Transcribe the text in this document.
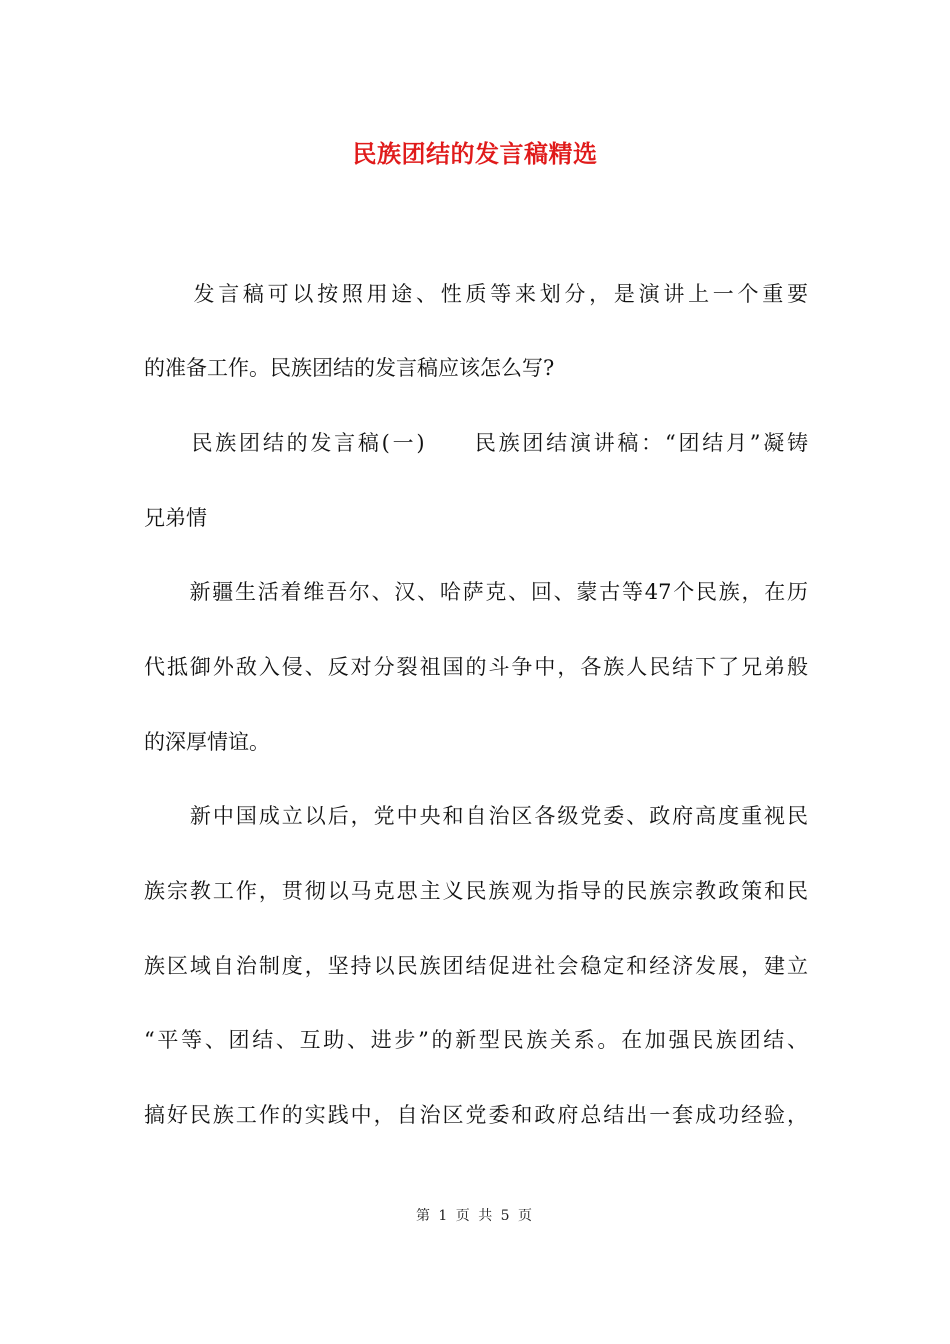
民族团结的发言稿精选
　　发言稿可以按照用途、性质等来划分，是演讲上一个重要
的准备工作。民族团结的发言稿应该怎么写?
　　民族团结的发言稿(一)　　民族团结演讲稿：“团结月”凝铸
兄弟情
　　新疆生活着维吾尔、汉、哈萨克、回、蒙古等47个民族，在历
代抵御外敌入侵、反对分裂祖国的斗争中，各族人民结下了兄弟般
的深厚情谊。
　　新中国成立以后，党中央和自治区各级党委、政府高度重视民
族宗教工作，贯彻以马克思主义民族观为指导的民族宗教政策和民
族区域自治制度，坚持以民族团结促进社会稳定和经济发展，建立
“平等、团结、互助、进步”的新型民族关系。在加强民族团结、
搞好民族工作的实践中，自治区党委和政府总结出一套成功经验，
第 1 页 共 5 页
